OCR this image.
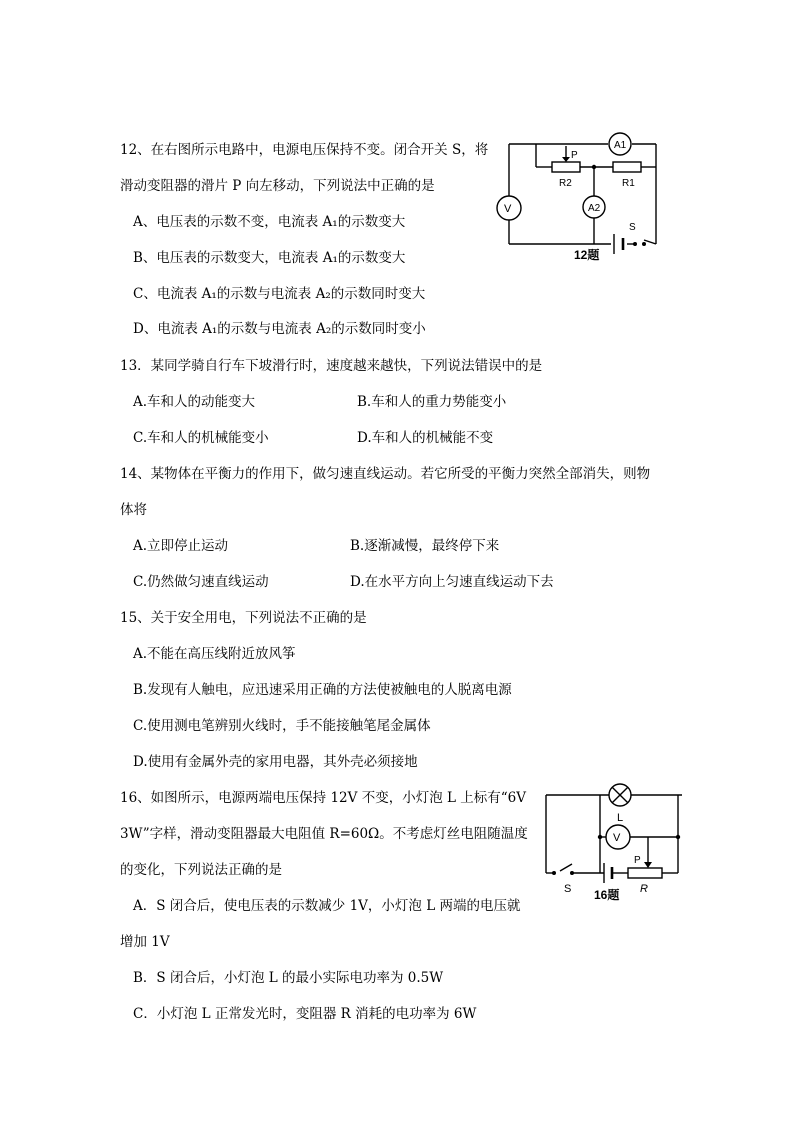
12、在右图所示电路中，电源电压保持不变。闭合开关 S，将
滑动变阻器的滑片 P 向左移动，下列说法中正确的是
A、电压表的示数不变，电流表 A₁的示数变大
B、电压表的示数变大，电流表 A₁的示数变大
C、电流表 A₁的示数与电流表 A₂的示数同时变大
D、电流表 A₁的示数与电流表 A₂的示数同时变小
A1
V	A2
P
R2	R1
S
12题
13．某同学骑自行车下坡滑行时，速度越来越快，下列说法错误中的是
A.车和人的动能变大	B.车和人的重力势能变小
C.车和人的机械能变小	D.车和人的机械能不变
14、某物体在平衡力的作用下，做匀速直线运动。若它所受的平衡力突然全部消失，则物
体将
A.立即停止运动	B.逐渐减慢，最终停下来
C.仍然做匀速直线运动	D.在水平方向上匀速直线运动下去
15、关于安全用电，下列说法不正确的是
A.不能在高压线附近放风筝
B.发现有人触电，应迅速采用正确的方法使被触电的人脱离电源
C.使用测电笔辨别火线时，手不能接触笔尾金属体
D.使用有金属外壳的家用电器，其外壳必须接地
16、如图所示，电源两端电压保持 12V 不变，小灯泡 L 上标有“6V
3W”字样，滑动变阻器最大电阻值 R=60Ω。不考虑灯丝电阻随温度
的变化，下列说法正确的是
A．S 闭合后，使电压表的示数减少 1V，小灯泡 L 两端的电压就
增加 1V
B．S 闭合后，小灯泡 L 的最小实际电功率为 0.5W
C．小灯泡 L 正常发光时，变阻器 R 消耗的电功率为 6W
L
V
P
R
S 16题
